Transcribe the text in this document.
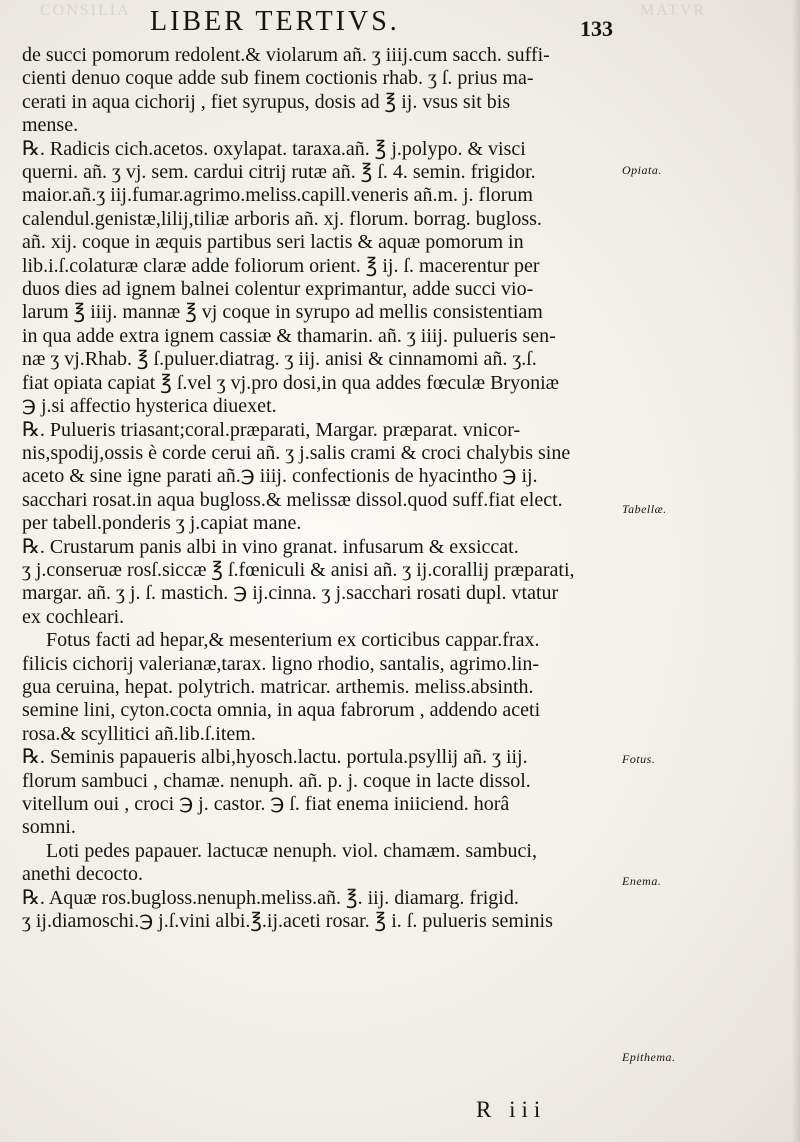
CONSILIA	MATVR
LIBER TERTIVS.	133
de succi pomorum redolent.& violarum añ. ʒ iiij.cum sacch. suffi-
cienti denuo coque adde sub finem coctionis rhab. ʒ ſ. prius ma-
cerati in aqua cichorij , fiet syrupus, dosis ad ℥ ij. vsus sit bis
mense.
℞. Radicis cich.acetos. oxylapat. taraxa.añ. ℥ j.polypo. & visci
querni. añ. ʒ vj. sem. cardui citrij rutæ añ. ℥ ſ. 4. semin. frigidor.
maior.añ.ʒ iij.fumar.agrimo.meliss.capill.veneris añ.m. j. florum
calendul.genistæ,lilij,tiliæ arboris añ. xj. florum. borrag. bugloss.
añ. xij. coque in æquis partibus seri lactis & aquæ pomorum in
lib.i.ſ.colaturæ claræ adde foliorum orient. ℥ ij. ſ. macerentur per
duos dies ad ignem balnei colentur exprimantur, adde succi vio-
larum ℥ iiij. mannæ ℥ vj coque in syrupo ad mellis consistentiam
in qua adde extra ignem cassiæ & thamarin. añ. ʒ iiij. pulueris sen-
næ ʒ vj.Rhab. ℥ ſ.puluer.diatrag. ʒ iij. anisi & cinnamomi añ. ʒ.ſ.
fiat opiata capiat ℥ ſ.vel ʒ vj.pro dosi,in qua addes fœculæ Bryoniæ
℈ j.si affectio hysterica diuexet.
℞. Pulueris triasant;coral.præparati, Margar. præparat. vnicor-
nis,spodij,ossis è corde cerui añ. ʒ j.salis crami & croci chalybis sine
aceto & sine igne parati añ.℈ iiij. confectionis de hyacintho ℈ ij.
sacchari rosat.in aqua bugloss.& melissæ dissol.quod suff.fiat elect.
per tabell.ponderis ʒ j.capiat mane.
℞. Crustarum panis albi in vino granat. infusarum & exsiccat.
ʒ j.conseruæ rosſ.siccæ ℥ ſ.fœniculi & anisi añ. ʒ ij.corallij præparati,
margar. añ. ʒ j. ſ. mastich. ℈ ij.cinna. ʒ j.sacchari rosati dupl. vtatur
ex cochleari.
Fotus facti ad hepar,& mesenterium ex corticibus cappar.frax.
filicis cichorij valerianæ,tarax. ligno rhodio, santalis, agrimo.lin-
gua ceruina, hepat. polytrich. matricar. arthemis. meliss.absinth.
semine lini, cyton.cocta omnia, in aqua fabrorum , addendo aceti
rosa.& scyllitici añ.lib.ſ.item.
℞. Seminis papaueris albi,hyosch.lactu. portula.psyllij añ. ʒ iij.
florum sambuci , chamæ. nenuph. añ. p. j. coque in lacte dissol.
vitellum oui , croci ℈ j. castor. ℈ ſ. fiat enema iniiciend. horâ
somni.
Loti pedes papauer. lactucæ nenuph. viol. chamæm. sambuci,
anethi decocto.
℞. Aquæ ros.bugloss.nenuph.meliss.añ. ℥. iij. diamarg. frigid.
ʒ ij.diamoschi.℈ j.ſ.vini albi.℥.ij.aceti rosar. ℥ i. ſ. pulueris seminis
Opiata.
Tabellæ.
Fotus.
Enema.
Epithema.
R iii
